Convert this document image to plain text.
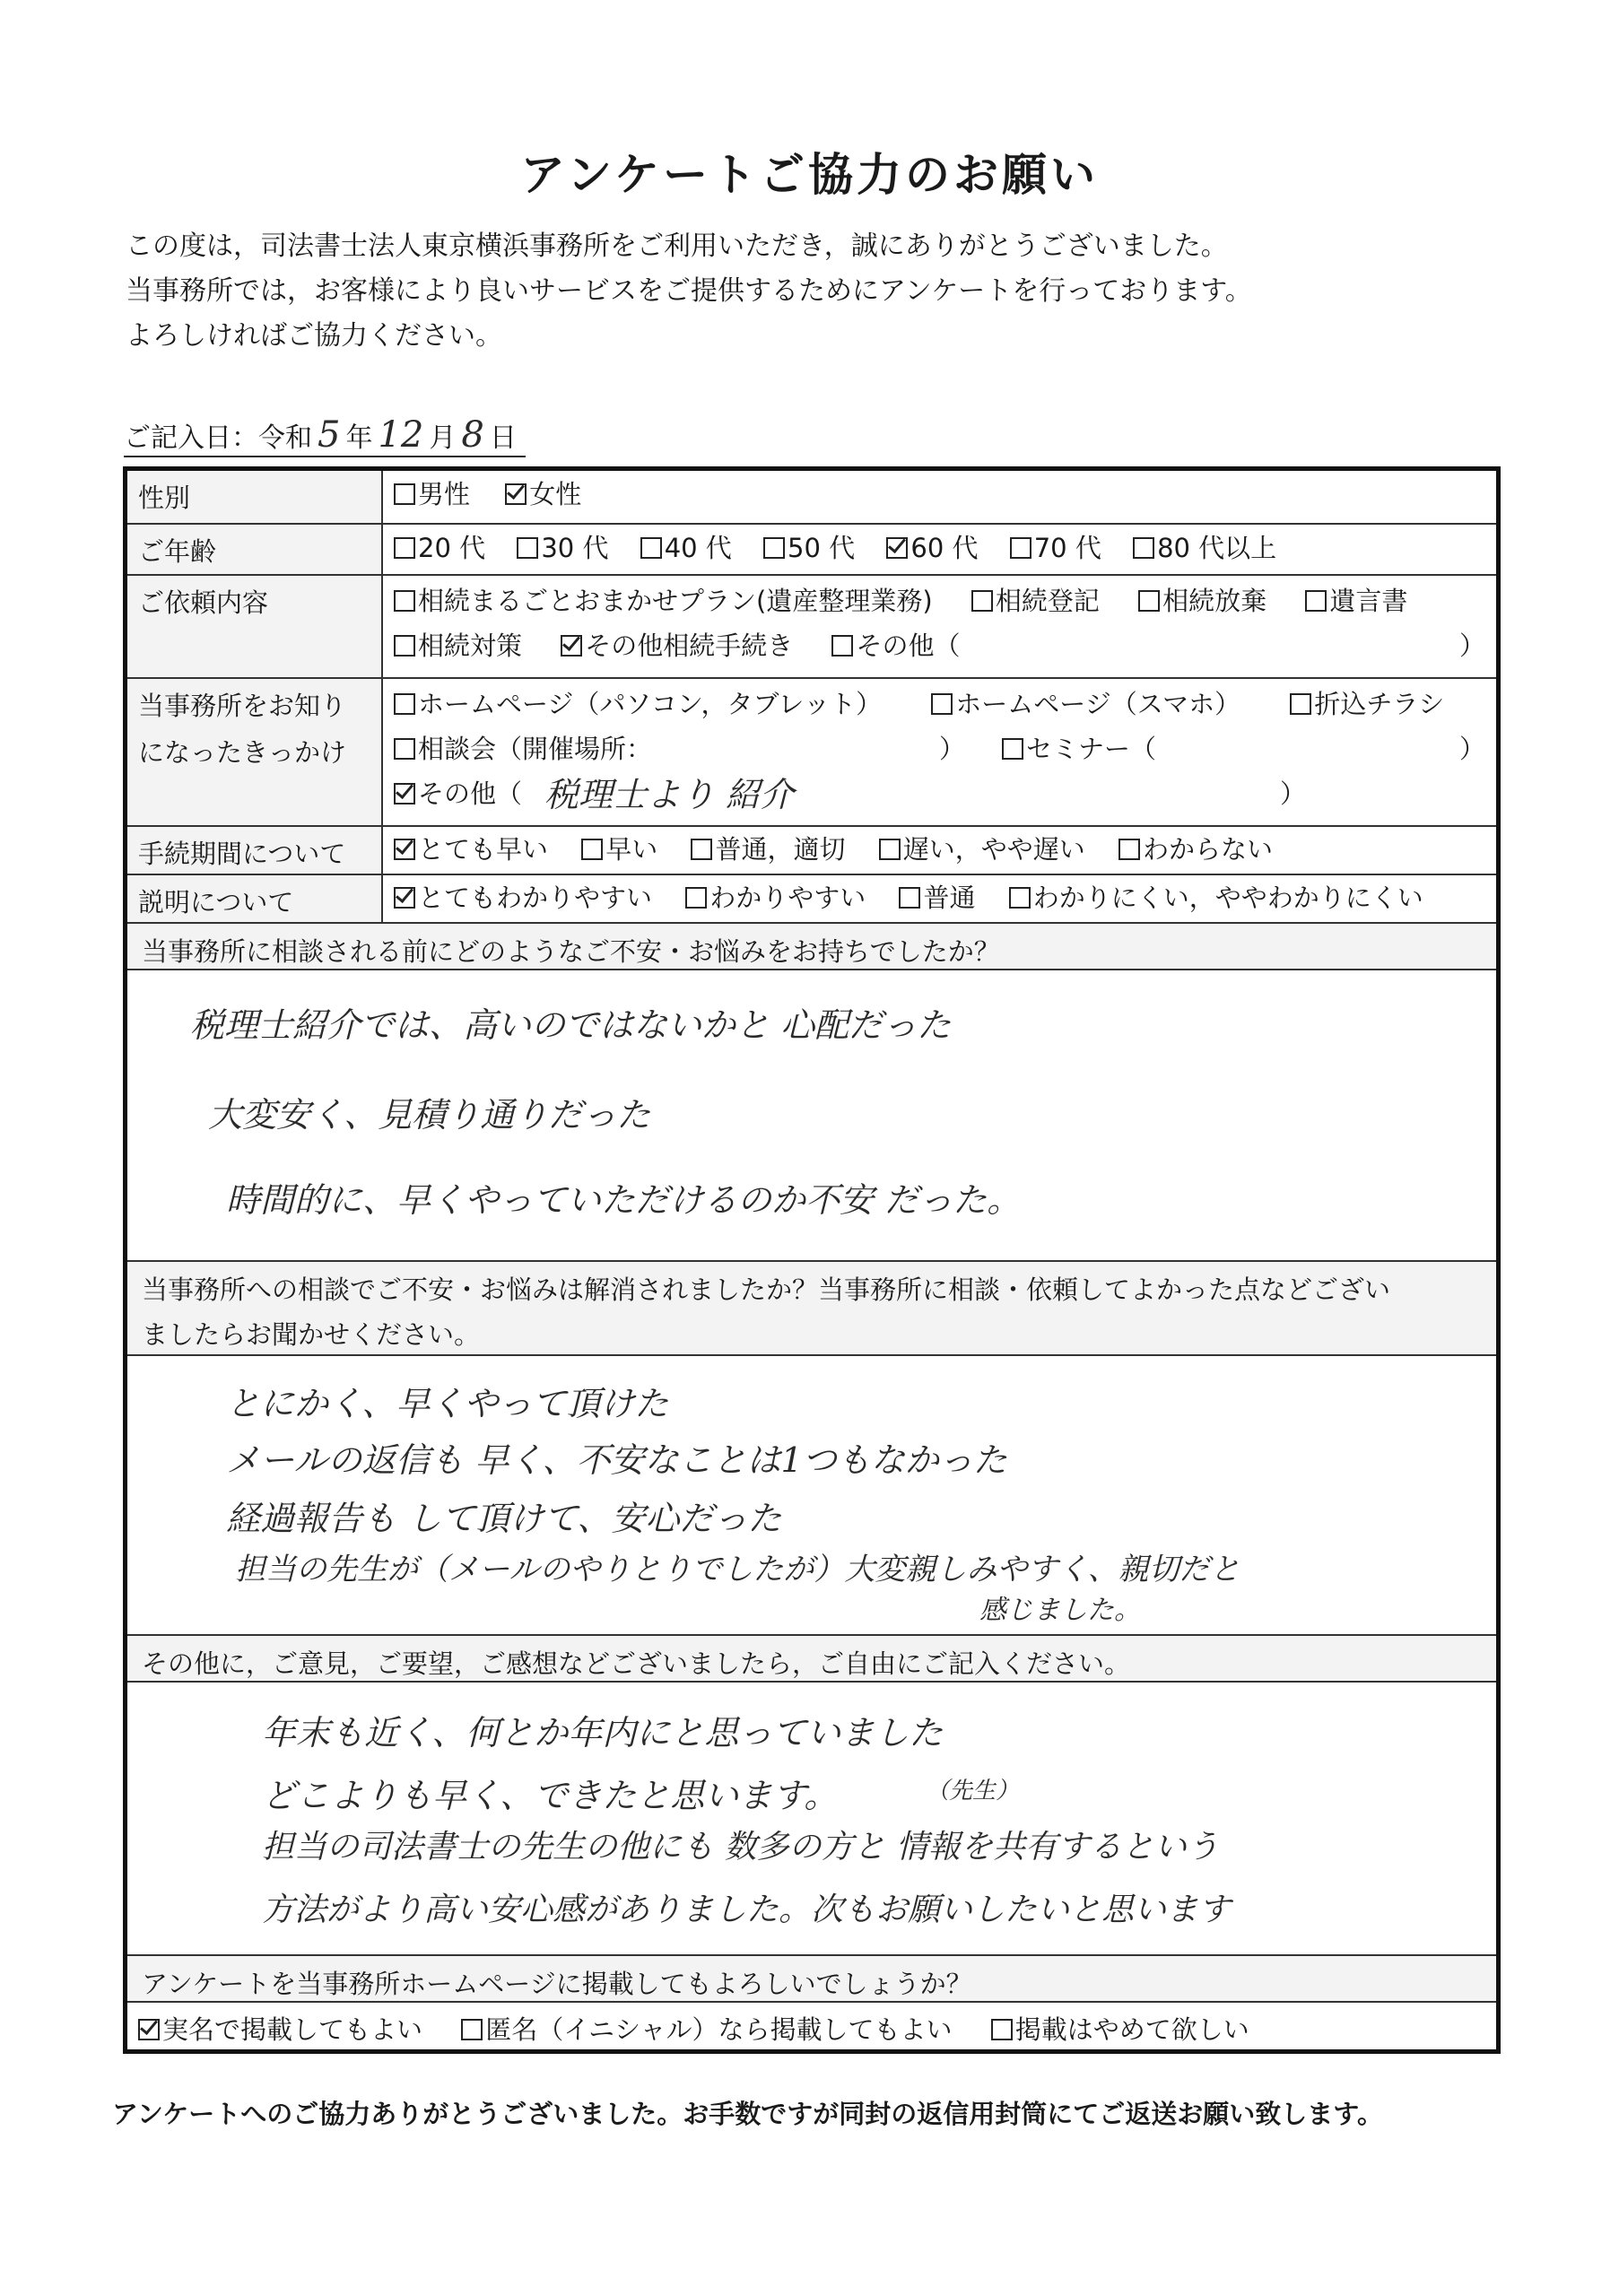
アンケートご協力のお願い
この度は，司法書士法人東京横浜事務所をご利用いただき，誠にありがとうございました。
当事務所では，お客様により良いサービスをご提供するためにアンケートを行っております。
よろしければご協力ください。
ご記入日：令和 5 年 12 月 8 日
性別	男性 女性
ご年齢	20 代 30 代 40 代 50 代 60 代 70 代 80 代以上
ご依頼内容	相続まるごとおまかせプラン(遺産整理業務) 相続登記 相続放棄 遺言書
相続対策 その他相続手続き その他（	）
当事務所をお知り
になったきっかけ
ホームページ（パソコン，タブレット）	ホームページ（スマホ）	折込チラシ
相談会（開催場所：	）	セミナー（	）
その他（ 税理士より 紹介	）
手続期間について	とても早い 早い 普通，適切 遅い，やや遅い わからない
説明について	とてもわかりやすい わかりやすい 普通 わかりにくい，ややわかりにくい
当事務所に相談される前にどのようなご不安・お悩みをお持ちでしたか？
税理士紹介では、高いのではないかと 心配だった
大変安く、見積り通りだった
時間的に、早くやっていただけるのか不安 だった。
当事務所への相談でご不安・お悩みは解消されましたか？当事務所に相談・依頼してよかった点などござい
ましたらお聞かせください。
とにかく、早くやって頂けた
メールの返信も 早く、不安なことは1つもなかった
経過報告も して頂けて、安心だった
担当の先生が（メールのやりとりでしたが）大変親しみやすく、親切だと
感じました。
その他に，ご意見，ご要望，ご感想などございましたら，ご自由にご記入ください。
年末も近く、何とか年内にと思っていました
どこよりも早く、できたと思います。	（先生）
担当の司法書士の先生の他にも 数多の方と 情報を共有するという
方法がより高い安心感がありました。次もお願いしたいと思います
アンケートを当事務所ホームページに掲載してもよろしいでしょうか？
実名で掲載してもよい 匿名（イニシャル）なら掲載してもよい 掲載はやめて欲しい
アンケートへのご協力ありがとうございました。お手数ですが同封の返信用封筒にてご返送お願い致します。
